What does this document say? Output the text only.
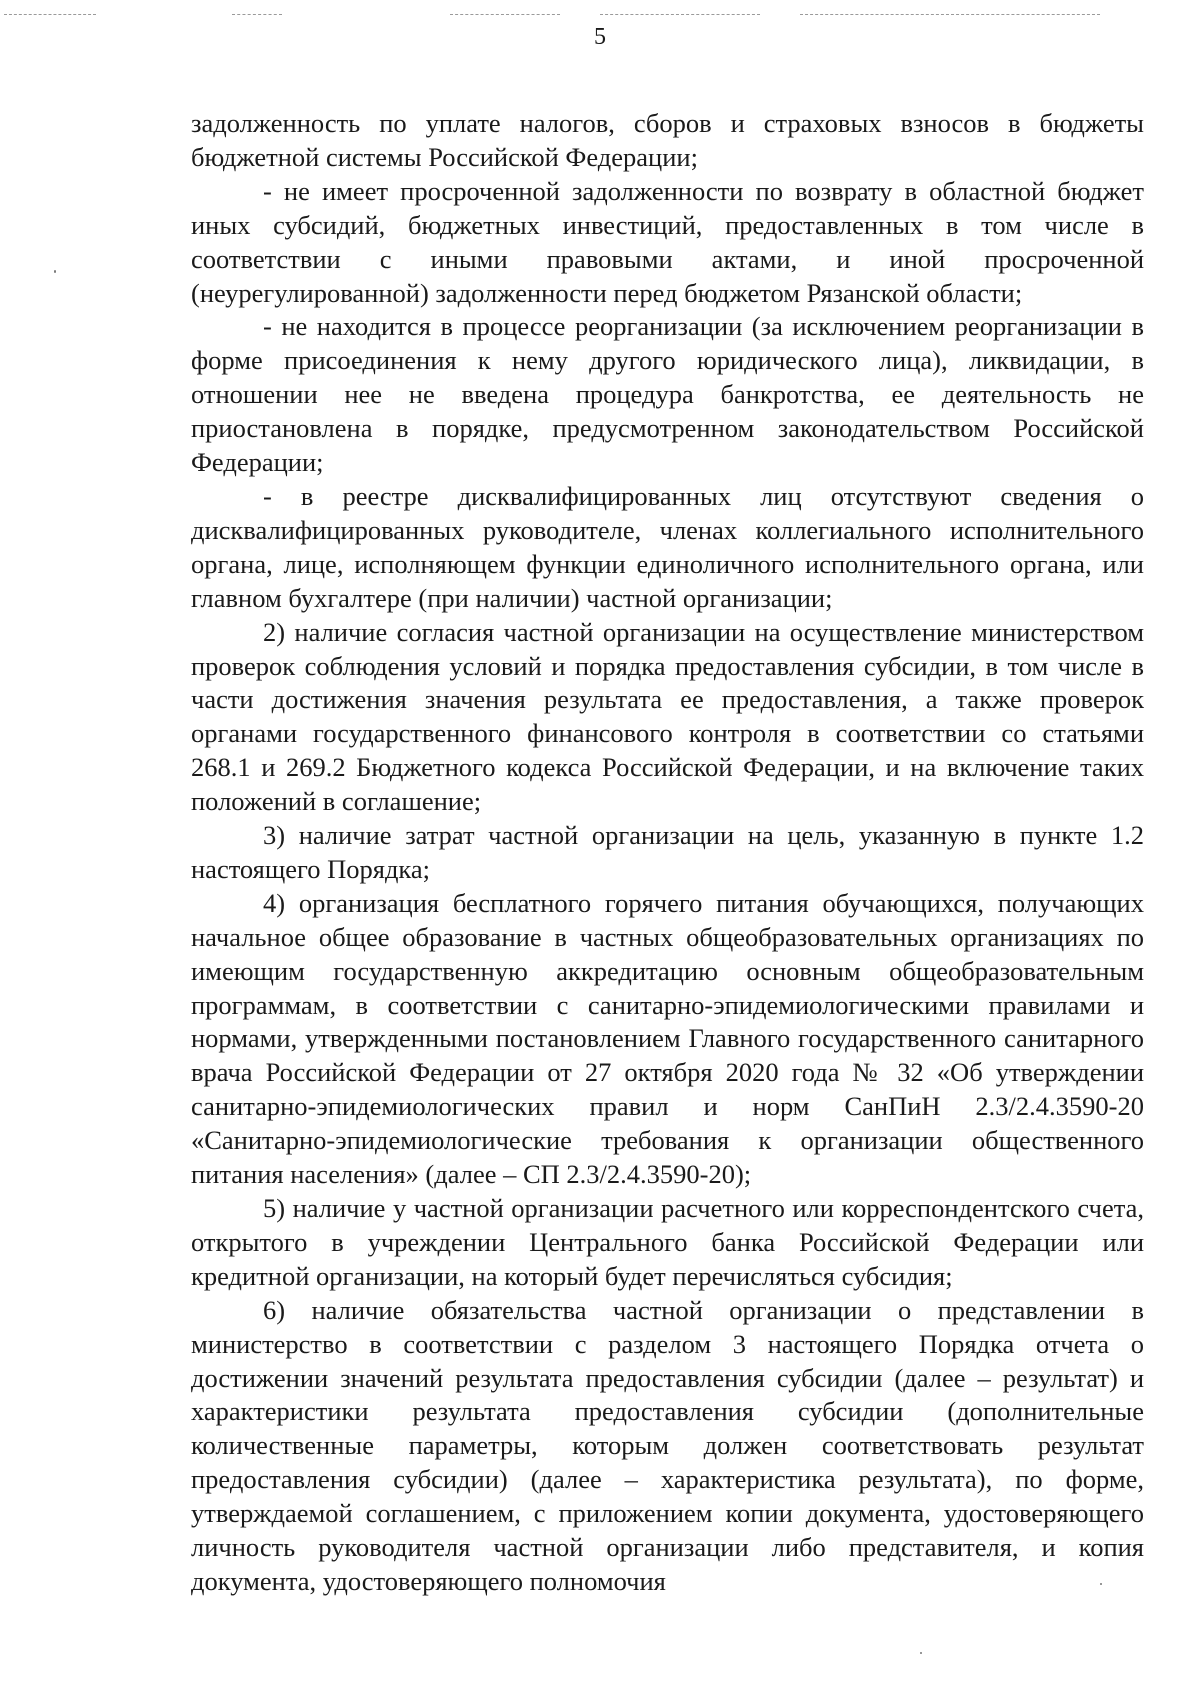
5

задолженность по уплате налогов, сборов и страховых взносов в бюджеты бюджетной системы Российской Федерации;

- не имеет просроченной задолженности по возврату в областной бюджет иных субсидий, бюджетных инвестиций, предоставленных в том числе в соответствии с иными правовыми актами, и иной просроченной (неурегулированной) задолженности перед бюджетом Рязанской области;

- не находится в процессе реорганизации (за исключением реорганизации в форме присоединения к нему другого юридического лица), ликвидации, в отношении нее не введена процедура банкротства, ее деятельность не приостановлена в порядке, предусмотренном законодательством Российской Федерации;

- в реестре дисквалифицированных лиц отсутствуют сведения о дисквалифицированных руководителе, членах коллегиального исполнительного органа, лице, исполняющем функции единоличного исполнительного органа, или главном бухгалтере (при наличии) частной организации;

2) наличие согласия частной организации на осуществление министерством проверок соблюдения условий и порядка предоставления субсидии, в том числе в части достижения значения результата ее предоставления, а также проверок органами государственного финансового контроля в соответствии со статьями 268.1 и 269.2 Бюджетного кодекса Российской Федерации, и на включение таких положений в соглашение;

3) наличие затрат частной организации на цель, указанную в пункте 1.2 настоящего Порядка;

4) организация бесплатного горячего питания обучающихся, получающих начальное общее образование в частных общеобразовательных организациях по имеющим государственную аккредитацию основным общеобразовательным программам, в соответствии с санитарно-эпидемиологическими правилами и нормами, утвержденными постановлением Главного государственного санитарного врача Российской Федерации от 27 октября 2020 года № 32 «Об утверждении санитарно-эпидемиологических правил и норм СанПиН 2.3/2.4.3590-20 «Санитарно-эпидемиологические требования к организации общественного питания населения» (далее – СП 2.3/2.4.3590-20);

5) наличие у частной организации расчетного или корреспондентского счета, открытого в учреждении Центрального банка Российской Федерации или кредитной организации, на который будет перечисляться субсидия;

6) наличие обязательства частной организации о представлении в министерство в соответствии с разделом 3 настоящего Порядка отчета о достижении значений результата предоставления субсидии (далее – результат) и характеристики результата предоставления субсидии (дополнительные количественные параметры, которым должен соответствовать результат предоставления субсидии) (далее – характеристика результата), по форме, утверждаемой соглашением, с приложением копии документа, удостоверяющего личность руководителя частной организации либо представителя, и копия документа, удостоверяющего полномочия
